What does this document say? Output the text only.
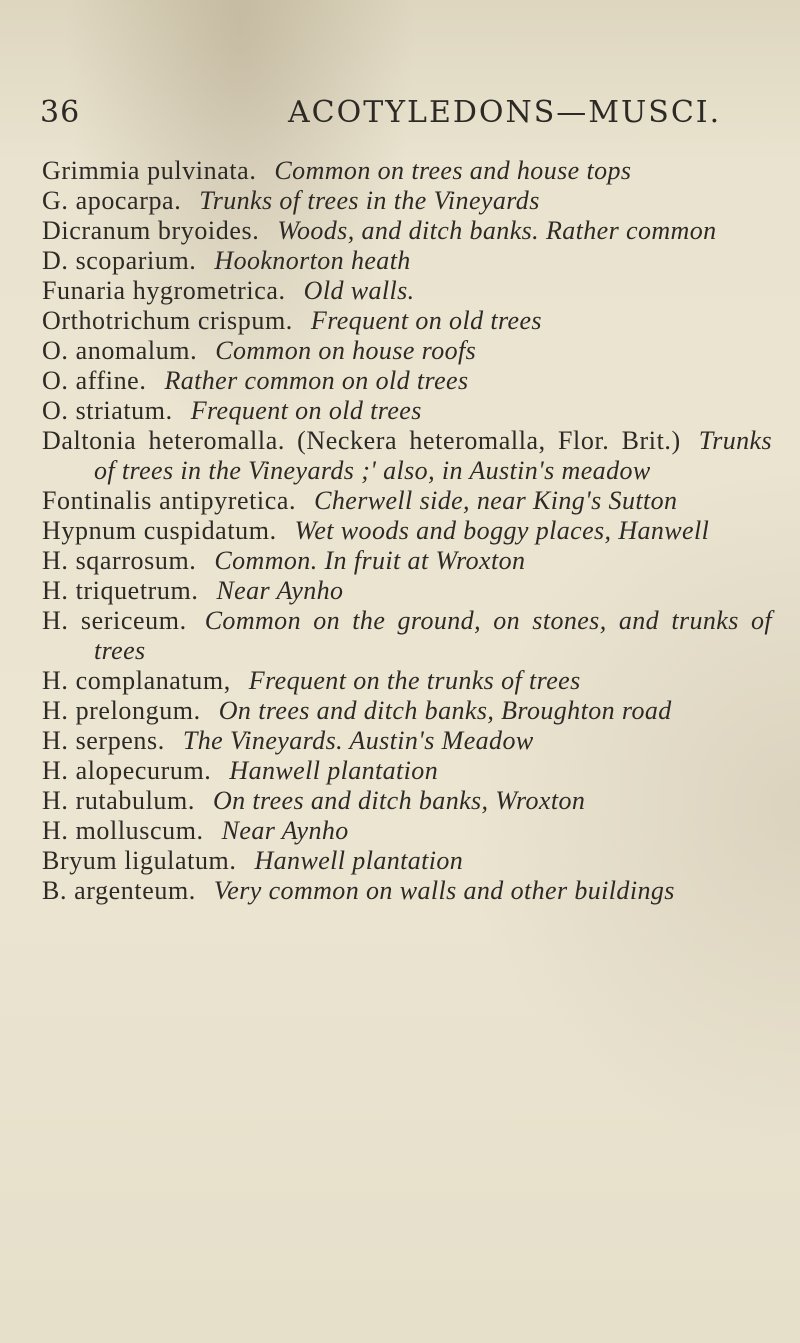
36	ACOTYLEDONS—MUSCI.

Grimmia pulvinata. Common on trees and house tops

G. apocarpa. Trunks of trees in the Vineyards

Dicranum bryoides. Woods, and ditch banks. Rather common

D. scoparium. Hooknorton heath

Funaria hygrometrica. Old walls.

Orthotrichum crispum. Frequent on old trees

O. anomalum. Common on house roofs

O. affine. Rather common on old trees

O. striatum. Frequent on old trees

Daltonia heteromalla. (Neckera heteromalla, Flor. Brit.) Trunks of trees in the Vineyards ;' also, in Austin's meadow

Fontinalis antipyretica. Cherwell side, near King's Sutton

Hypnum cuspidatum. Wet woods and boggy places, Hanwell

H. sqarrosum. Common. In fruit at Wroxton

H. triquetrum. Near Aynho

H. sericeum. Common on the ground, on stones, and trunks of trees

H. complanatum, Frequent on the trunks of trees

H. prelongum. On trees and ditch banks, Broughton road

H. serpens. The Vineyards. Austin's Meadow

H. alopecurum. Hanwell plantation

H. rutabulum. On trees and ditch banks, Wroxton

H. molluscum. Near Aynho

Bryum ligulatum. Hanwell plantation

B. argenteum. Very common on walls and other buildings
